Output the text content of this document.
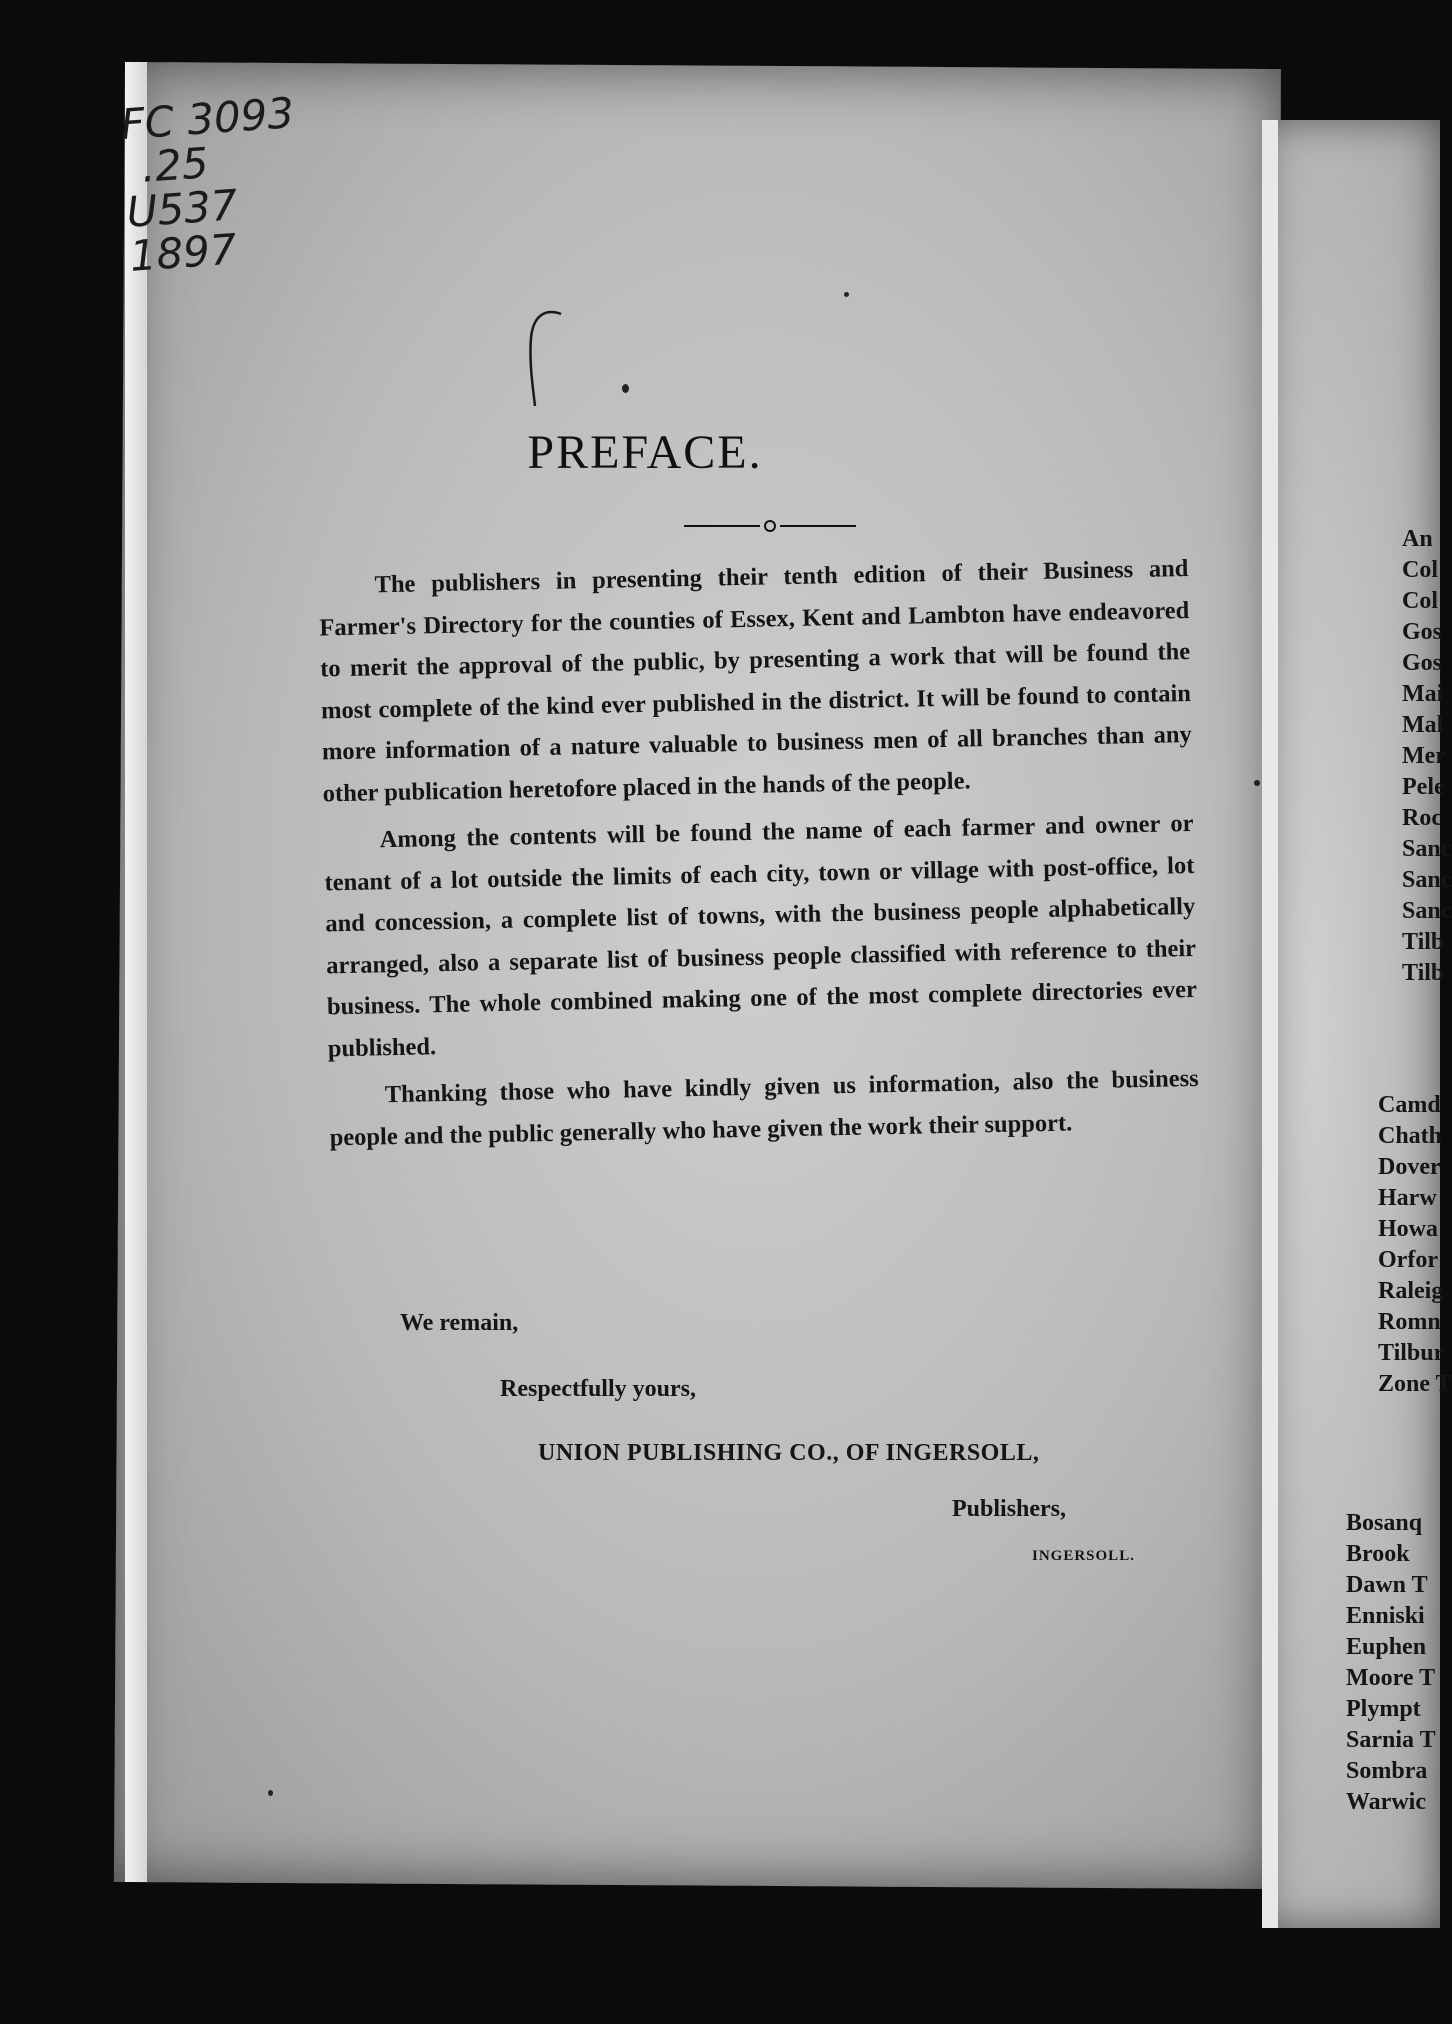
FC 3093
.25
U537
1897
PREFACE.

The publishers in presenting their tenth edition of their Business and Farmer's Directory for the counties of Essex, Kent and Lambton have endeavored to merit the approval of the public, by presenting a work that will be found the most complete of the kind ever published in the district. It will be found to contain more information of a nature valuable to business men of all branches than any other publication heretofore placed in the hands of the people.

Among the contents will be found the name of each farmer and owner or tenant of a lot outside the limits of each city, town or village with post-office, lot and concession, a complete list of towns, with the business people alphabetically arranged, also a separate list of business people classified with reference to their business. The whole combined making one of the most complete directories ever published.

Thanking those who have kindly given us information, also the business people and the public generally who have given the work their support.

We remain,
Respectfully yours,
UNION PUBLISHING CO., OF INGERSOLL,
Publishers,
INGERSOLL.
An
Col
Col
Gos
Gos
Mai
Mal
Mer
Pele
Roc
Sanc
Sanc
Sanc
Tilb
Tilb
Camd
Chath
Dover
Harw
Howa
Orfor
Raleig
Romn
Tilbur
Zone T
Bosanq
Brook
Dawn T
Enniski
Euphen
Moore T
Plympt
Sarnia T
Sombra
Warwic
